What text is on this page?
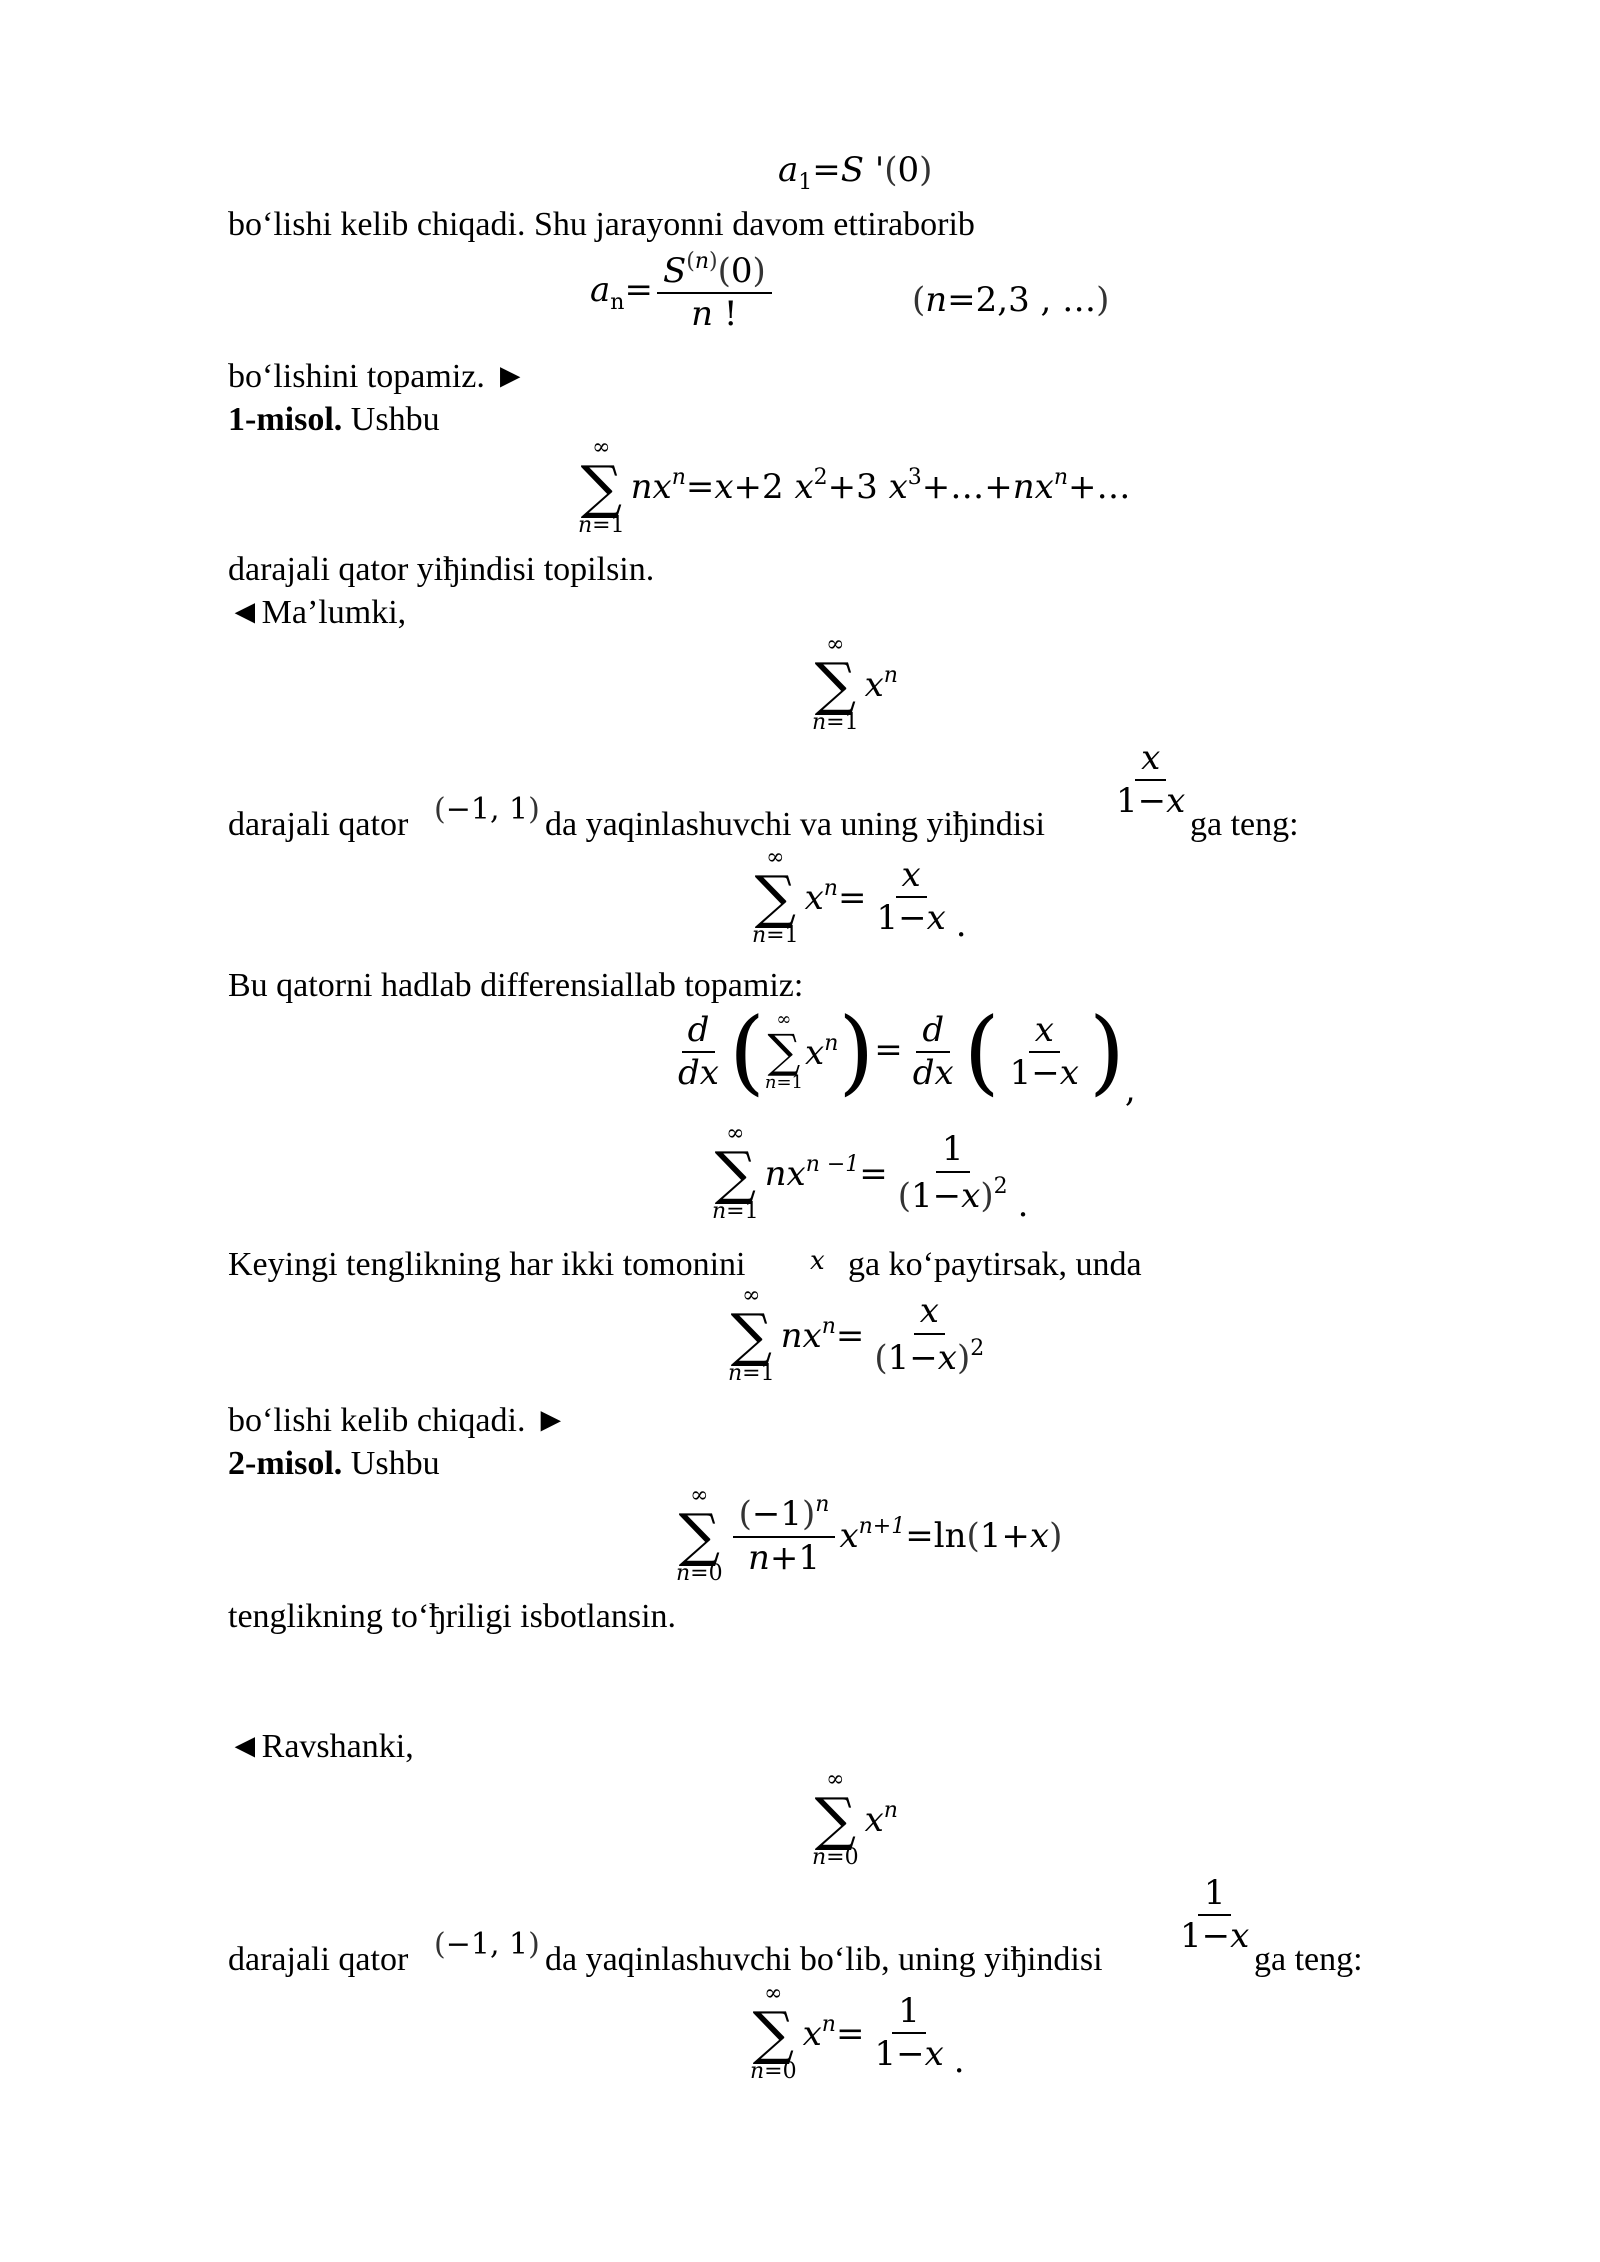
$a_1=S$ '(0)
bo‘lishi kelib chiqadi. Shu jarayonni davom ettiraborib
$a_n= \frac{S^{(n)}(0)}{n !}$	(n=2,3 , …)
bo‘lishini topamiz. ►
1-misol. Ushbu
∞
∑
n=1
$nx^n=x+2$ $x^2+3$ $x^3+\dots+nx^n+\dots$
darajali qator yiђindisi topilsin.
◄Ma’lumki,
∞
∑
n=1
$x^n$
darajali qator (−1, 1) da yaqinlashuvchi va uning yiђindisi
$\frac{x}{1-x}$
ga teng:
∞
∑
n=1
$x^n= \frac{x}{1-x}$ .
Bu qatorni hadlab differensiallab topamiz:
$\frac{d}{dx}$ ( ∞
∑
n=1
$x^n)= \frac{d}{dx}$ ( $\frac{x}{1-x}$ ),
∞
∑
n=1
$nx^{n -1}= \frac{1}{(1-x)^2}$ .
Keyingi tenglikning har ikki tomonini x ga ko‘paytirsak, unda
∞
∑
n=1
$nx^n= \frac{x}{(1-x)^2}$
bo‘lishi kelib chiqadi. ►
2-misol. Ushbu
∞
∑
$n=0 \frac{(-1)^n}{n+1} x^{n+1}=\ln(1+x)$
tenglikning to‘ђriligi isbotlansin.
◄Ravshanki,
∞
∑
n=0
$x^n$
darajali qator (−1, 1) da yaqinlashuvchi bo‘lib, uning yiђindisi
$\frac{1}{1-x}$
ga teng:
∞
∑
n=0
$x^n= \frac{1}{1-x}$ .
